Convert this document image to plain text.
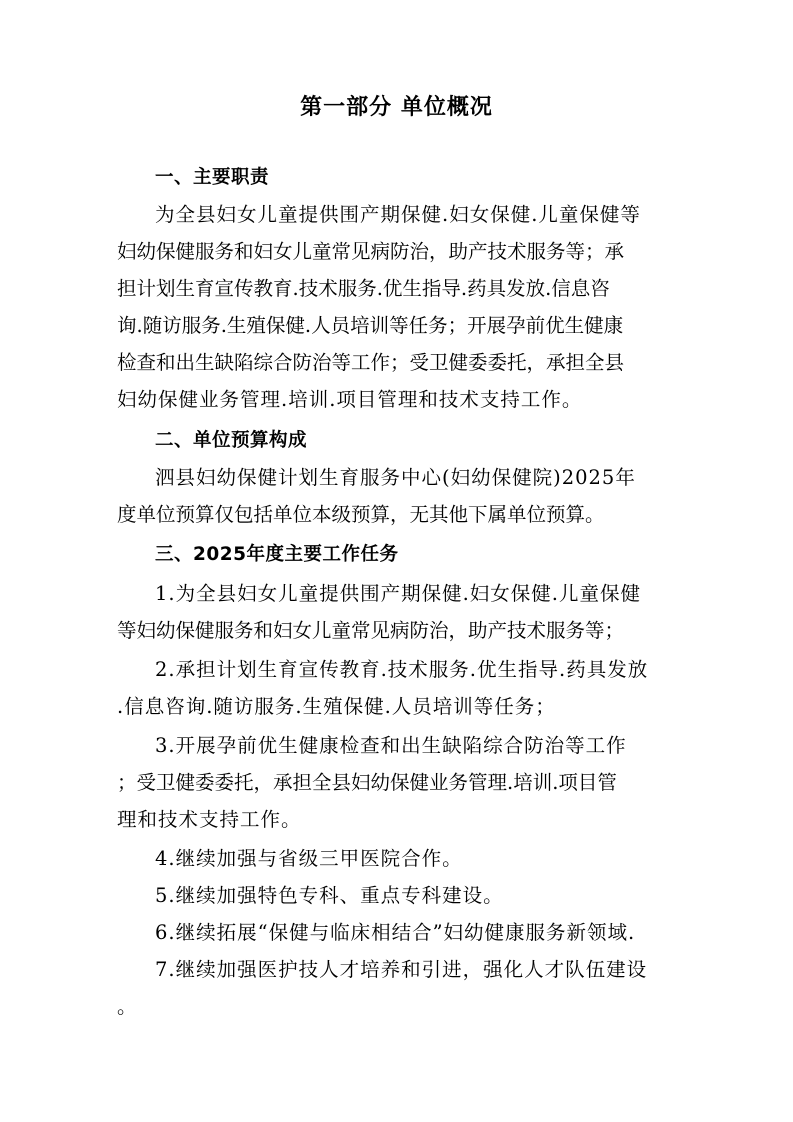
第一部分 单位概况
一、主要职责
为全县妇女儿童提供围产期保健.妇女保健.儿童保健等
妇幼保健服务和妇女儿童常见病防治，助产技术服务等；承
担计划生育宣传教育.技术服务.优生指导.药具发放.信息咨
询.随访服务.生殖保健.人员培训等任务；开展孕前优生健康
检查和出生缺陷综合防治等工作；受卫健委委托，承担全县
妇幼保健业务管理.培训.项目管理和技术支持工作。
二、单位预算构成
泗县妇幼保健计划生育服务中心(妇幼保健院)2025年
度单位预算仅包括单位本级预算，无其他下属单位预算。
三、2025年度主要工作任务
1.为全县妇女儿童提供围产期保健.妇女保健.儿童保健
等妇幼保健服务和妇女儿童常见病防治，助产技术服务等；
2.承担计划生育宣传教育.技术服务.优生指导.药具发放
.信息咨询.随访服务.生殖保健.人员培训等任务；
3.开展孕前优生健康检查和出生缺陷综合防治等工作
；受卫健委委托，承担全县妇幼保健业务管理.培训.项目管
理和技术支持工作。
4.继续加强与省级三甲医院合作。
5.继续加强特色专科、重点专科建设。
6.继续拓展“保健与临床相结合”妇幼健康服务新领域.
7.继续加强医护技人才培养和引进，强化人才队伍建设
。
